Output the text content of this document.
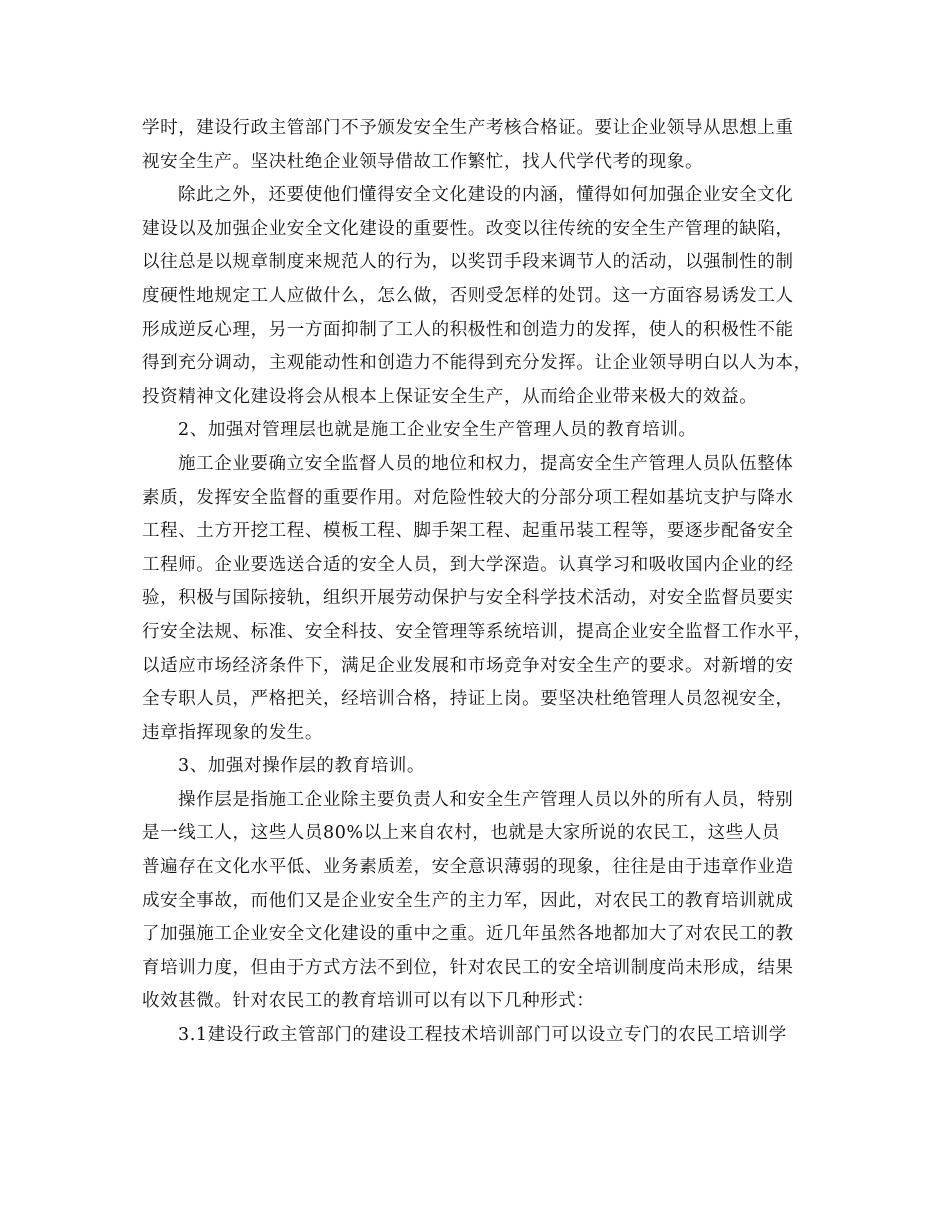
学时，建设行政主管部门不予颁发安全生产考核合格证。要让企业领导从思想上重
视安全生产。坚决杜绝企业领导借故工作繁忙，找人代学代考的现象。
除此之外，还要使他们懂得安全文化建设的内涵，懂得如何加强企业安全文化
建设以及加强企业安全文化建设的重要性。改变以往传统的安全生产管理的缺陷，
以往总是以规章制度来规范人的行为，以奖罚手段来调节人的活动，以强制性的制
度硬性地规定工人应做什么，怎么做，否则受怎样的处罚。这一方面容易诱发工人
形成逆反心理，另一方面抑制了工人的积极性和创造力的发挥，使人的积极性不能
得到充分调动，主观能动性和创造力不能得到充分发挥。让企业领导明白以人为本，
投资精神文化建设将会从根本上保证安全生产，从而给企业带来极大的效益。
2、加强对管理层也就是施工企业安全生产管理人员的教育培训。
施工企业要确立安全监督人员的地位和权力，提高安全生产管理人员队伍整体
素质，发挥安全监督的重要作用。对危险性较大的分部分项工程如基坑支护与降水
工程、土方开挖工程、模板工程、脚手架工程、起重吊装工程等，要逐步配备安全
工程师。企业要选送合适的安全人员，到大学深造。认真学习和吸收国内企业的经
验，积极与国际接轨，组织开展劳动保护与安全科学技术活动，对安全监督员要实
行安全法规、标准、安全科技、安全管理等系统培训，提高企业安全监督工作水平，
以适应市场经济条件下，满足企业发展和市场竞争对安全生产的要求。对新增的安
全专职人员，严格把关，经培训合格，持证上岗。要坚决杜绝管理人员忽视安全，
违章指挥现象的发生。
3、加强对操作层的教育培训。
操作层是指施工企业除主要负责人和安全生产管理人员以外的所有人员，特别
是一线工人，这些人员80%以上来自农村，也就是大家所说的农民工，这些人员
普遍存在文化水平低、业务素质差，安全意识薄弱的现象，往往是由于违章作业造
成安全事故，而他们又是企业安全生产的主力军，因此，对农民工的教育培训就成
了加强施工企业安全文化建设的重中之重。近几年虽然各地都加大了对农民工的教
育培训力度，但由于方式方法不到位，针对农民工的安全培训制度尚未形成，结果
收效甚微。针对农民工的教育培训可以有以下几种形式：
3.1建设行政主管部门的建设工程技术培训部门可以设立专门的农民工培训学
